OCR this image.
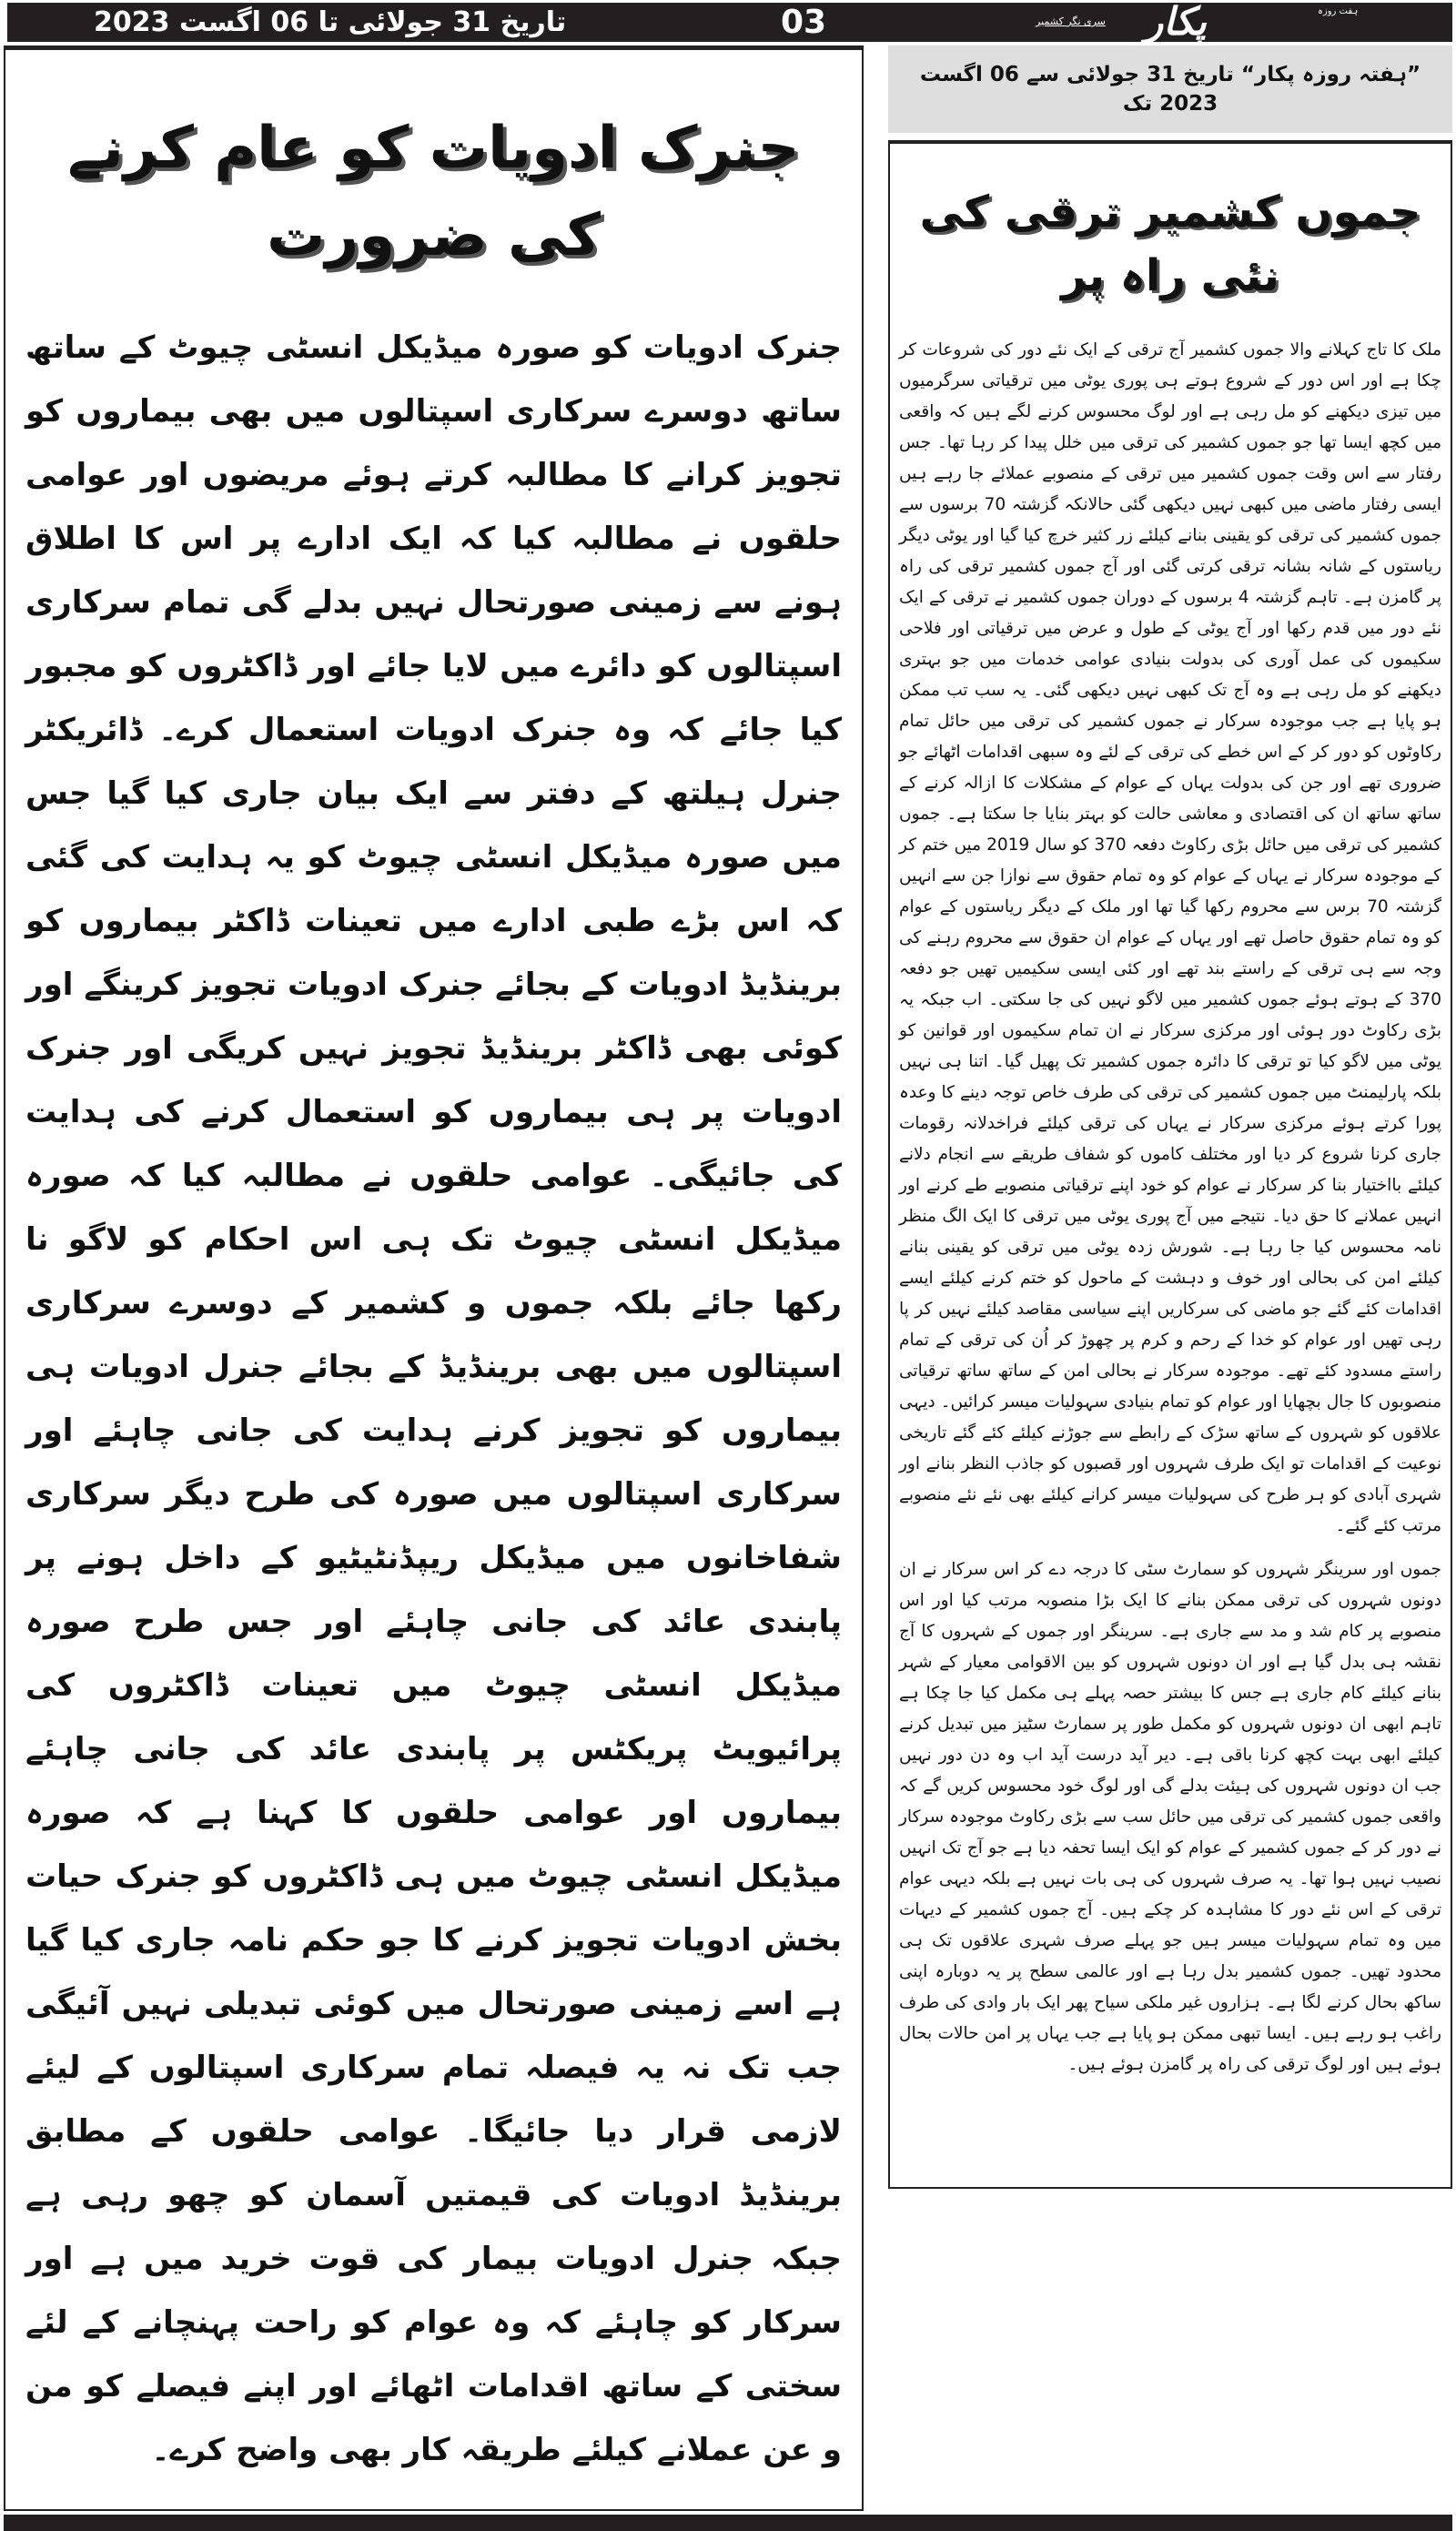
تاریخ 31 جولائی تا 06 اگست 2023	03	سری نگر کشمیر پکار	ہفت روزہ
جنرک ادویات کو عام کرنے کی ضرورت
جنرک ادویات کو صورہ میڈیکل انسٹی چیوٹ کے ساتھ ساتھ دوسرے سرکاری اسپتالوں میں بھی بیماروں کو تجویز کرانے کا مطالبہ کرتے ہوئے مریضوں اور عوامی حلقوں نے مطالبہ کیا کہ ایک ادارے پر اس کا اطلاق ہونے سے زمینی صورتحال نہیں بدلے گی تمام سرکاری اسپتالوں کو دائرے میں لایا جائے اور ڈاکٹروں کو مجبور کیا جائے کہ وہ جنرک ادویات استعمال کرے۔ ڈائریکٹر جنرل ہیلتھ کے دفتر سے ایک بیان جاری کیا گیا جس میں صورہ میڈیکل انسٹی چیوٹ کو یہ ہدایت کی گئی کہ اس بڑے طبی ادارے میں تعینات ڈاکٹر بیماروں کو برینڈیڈ ادویات کے بجائے جنرک ادویات تجویز کرینگے اور کوئی بھی ڈاکٹر برینڈیڈ تجویز نہیں کریگی اور جنرک ادویات پر ہی بیماروں کو استعمال کرنے کی ہدایت کی جائیگی۔ عوامی حلقوں نے مطالبہ کیا کہ صورہ میڈیکل انسٹی چیوٹ تک ہی اس احکام کو لاگو نا رکھا جائے بلکہ جموں و کشمیر کے دوسرے سرکاری اسپتالوں میں بھی برینڈیڈ کے بجائے جنرل ادویات ہی بیماروں کو تجویز کرنے ہدایت کی جانی چاہئے اور سرکاری اسپتالوں میں صورہ کی طرح دیگر سرکاری شفاخانوں میں میڈیکل ریپڈنٹیٹیو کے داخل ہونے پر پابندی عائد کی جانی چاہئے اور جس طرح صورہ میڈیکل انسٹی چیوٹ میں تعینات ڈاکٹروں کی پرائیویٹ پریکٹس پر پابندی عائد کی جانی چاہئے بیماروں اور عوامی حلقوں کا کہنا ہے کہ صورہ میڈیکل انسٹی چیوٹ میں ہی ڈاکٹروں کو جنرک حیات بخش ادویات تجویز کرنے کا جو حکم نامہ جاری کیا گیا ہے اسے زمینی صورتحال میں کوئی تبدیلی نہیں آئیگی جب تک نہ یہ فیصلہ تمام سرکاری اسپتالوں کے لیئے لازمی قرار دیا جائیگا۔ عوامی حلقوں کے مطابق برینڈیڈ ادویات کی قیمتیں آسمان کو چھو رہی ہے جبکہ جنرل ادویات بیمار کی قوت خرید میں ہے اور سرکار کو چاہئے کہ وہ عوام کو راحت پہنچانے کے لئے سختی کے ساتھ اقدامات اٹھائے اور اپنے فیصلے کو من و عن عملانے کیلئے طریقہ کار بھی واضح کرے۔
”ہفتہ روزہ پکار“ تاریخ 31 جولائی سے 06 اگست 2023 تک
جموں کشمیر ترقی کی نئی راہ پر

ملک کا تاج کہلانے والا جموں کشمیر آج ترقی کے ایک نئے دور کی شروعات کر چکا ہے اور اس دور کے شروع ہوتے ہی پوری یوٹی میں ترقیاتی سرگرمیوں میں تیزی دیکھنے کو مل رہی ہے اور لوگ محسوس کرنے لگے ہیں کہ واقعی میں کچھ ایسا تھا جو جموں کشمیر کی ترقی میں خلل پیدا کر رہا تھا۔ جس رفتار سے اس وقت جموں کشمیر میں ترقی کے منصوبے عملائے جا رہے ہیں ایسی رفتار ماضی میں کبھی نہیں دیکھی گئی حالانکہ گزشتہ 70 برسوں سے جموں کشمیر کی ترقی کو یقینی بنانے کیلئے زر کثیر خرچ کیا گیا اور یوٹی دیگر ریاستوں کے شانہ بشانہ ترقی کرتی گئی اور آج جموں کشمیر ترقی کی راہ پر گامزن ہے۔ تاہم گزشتہ 4 برسوں کے دوران جموں کشمیر نے ترقی کے ایک نئے دور میں قدم رکھا اور آج یوٹی کے طول و عرض میں ترقیاتی اور فلاحی سکیموں کی عمل آوری کی بدولت بنیادی عوامی خدمات میں جو بہتری دیکھنے کو مل رہی ہے وہ آج تک کبھی نہیں دیکھی گئی۔ یہ سب تب ممکن ہو پایا ہے جب موجودہ سرکار نے جموں کشمیر کی ترقی میں حائل تمام رکاوٹوں کو دور کر کے اس خطے کی ترقی کے لئے وہ سبھی اقدامات اٹھائے جو ضروری تھے اور جن کی بدولت یہاں کے عوام کے مشکلات کا ازالہ کرنے کے ساتھ ساتھ ان کی اقتصادی و معاشی حالت کو بہتر بنایا جا سکتا ہے۔ جموں کشمیر کی ترقی میں حائل بڑی رکاوٹ دفعہ 370 کو سال 2019 میں ختم کر کے موجودہ سرکار نے یہاں کے عوام کو وہ تمام حقوق سے نوازا جن سے انہیں گزشتہ 70 برس سے محروم رکھا گیا تھا اور ملک کے دیگر ریاستوں کے عوام کو وہ تمام حقوق حاصل تھے اور یہاں کے عوام ان حقوق سے محروم رہنے کی وجہ سے ہی ترقی کے راستے بند تھے اور کئی ایسی سکیمیں تھیں جو دفعہ 370 کے ہوتے ہوئے جموں کشمیر میں لاگو نہیں کی جا سکتی۔ اب جبکہ یہ بڑی رکاوٹ دور ہوئی اور مرکزی سرکار نے ان تمام سکیموں اور قوانین کو یوٹی میں لاگو کیا تو ترقی کا دائرہ جموں کشمیر تک پھیل گیا۔ اتنا ہی نہیں بلکہ پارلیمنٹ میں جموں کشمیر کی ترقی کی طرف خاص توجہ دینے کا وعدہ پورا کرتے ہوئے مرکزی سرکار نے یہاں کی ترقی کیلئے فراخدلانہ رقومات جاری کرنا شروع کر دیا اور مختلف کاموں کو شفاف طریقے سے انجام دلانے کیلئے بااختیار بنا کر سرکار نے عوام کو خود اپنے ترقیاتی منصوبے طے کرنے اور انہیں عملانے کا حق دیا۔ نتیجے میں آج پوری یوٹی میں ترقی کا ایک الگ منظر نامہ محسوس کیا جا رہا ہے۔ شورش زدہ یوٹی میں ترقی کو یقینی بنانے کیلئے امن کی بحالی اور خوف و دہشت کے ماحول کو ختم کرنے کیلئے ایسے اقدامات کئے گئے جو ماضی کی سرکاریں اپنے سیاسی مقاصد کیلئے نہیں کر پا رہی تھیں اور عوام کو خدا کے رحم و کرم پر چھوڑ کر اُن کی ترقی کے تمام راستے مسدود کئے تھے۔ موجودہ سرکار نے بحالی امن کے ساتھ ساتھ ترقیاتی منصوبوں کا جال بچھایا اور عوام کو تمام بنیادی سہولیات میسر کرائیں۔ دیہی علاقوں کو شہروں کے ساتھ سڑک کے رابطے سے جوڑنے کیلئے کئے گئے تاریخی نوعیت کے اقدامات تو ایک طرف شہروں اور قصبوں کو جاذب النظر بنانے اور شہری آبادی کو ہر طرح کی سہولیات میسر کرانے کیلئے بھی نئے نئے منصوبے مرتب کئے گئے۔

جموں اور سرینگر شہروں کو سمارٹ سٹی کا درجہ دے کر اس سرکار نے ان دونوں شہروں کی ترقی ممکن بنانے کا ایک بڑا منصوبہ مرتب کیا اور اس منصوبے پر کام شد و مد سے جاری ہے۔ سرینگر اور جموں کے شہروں کا آج نقشہ ہی بدل گیا ہے اور ان دونوں شہروں کو بین الاقوامی معیار کے شہر بنانے کیلئے کام جاری ہے جس کا بیشتر حصہ پہلے ہی مکمل کیا جا چکا ہے تاہم ابھی ان دونوں شہروں کو مکمل طور پر سمارٹ سٹیز میں تبدیل کرنے کیلئے ابھی بہت کچھ کرنا باقی ہے۔ دیر آید درست آید اب وہ دن دور نہیں جب ان دونوں شہروں کی ہیئت بدلے گی اور لوگ خود محسوس کریں گے کہ واقعی جموں کشمیر کی ترقی میں حائل سب سے بڑی رکاوٹ موجودہ سرکار نے دور کر کے جموں کشمیر کے عوام کو ایک ایسا تحفہ دیا ہے جو آج تک انہیں نصیب نہیں ہوا تھا۔ یہ صرف شہروں کی ہی بات نہیں ہے بلکہ دیہی عوام ترقی کے اس نئے دور کا مشاہدہ کر چکے ہیں۔ آج جموں کشمیر کے دیہات میں وہ تمام سہولیات میسر ہیں جو پہلے صرف شہری علاقوں تک ہی محدود تھیں۔ جموں کشمیر بدل رہا ہے اور عالمی سطح پر یہ دوبارہ اپنی ساکھ بحال کرنے لگا ہے۔ ہزاروں غیر ملکی سیاح پھر ایک بار وادی کی طرف راغب ہو رہے ہیں۔ ایسا تبھی ممکن ہو پایا ہے جب یہاں پر امن حالات بحال ہوئے ہیں اور لوگ ترقی کی راہ پر گامزن ہوئے ہیں۔
